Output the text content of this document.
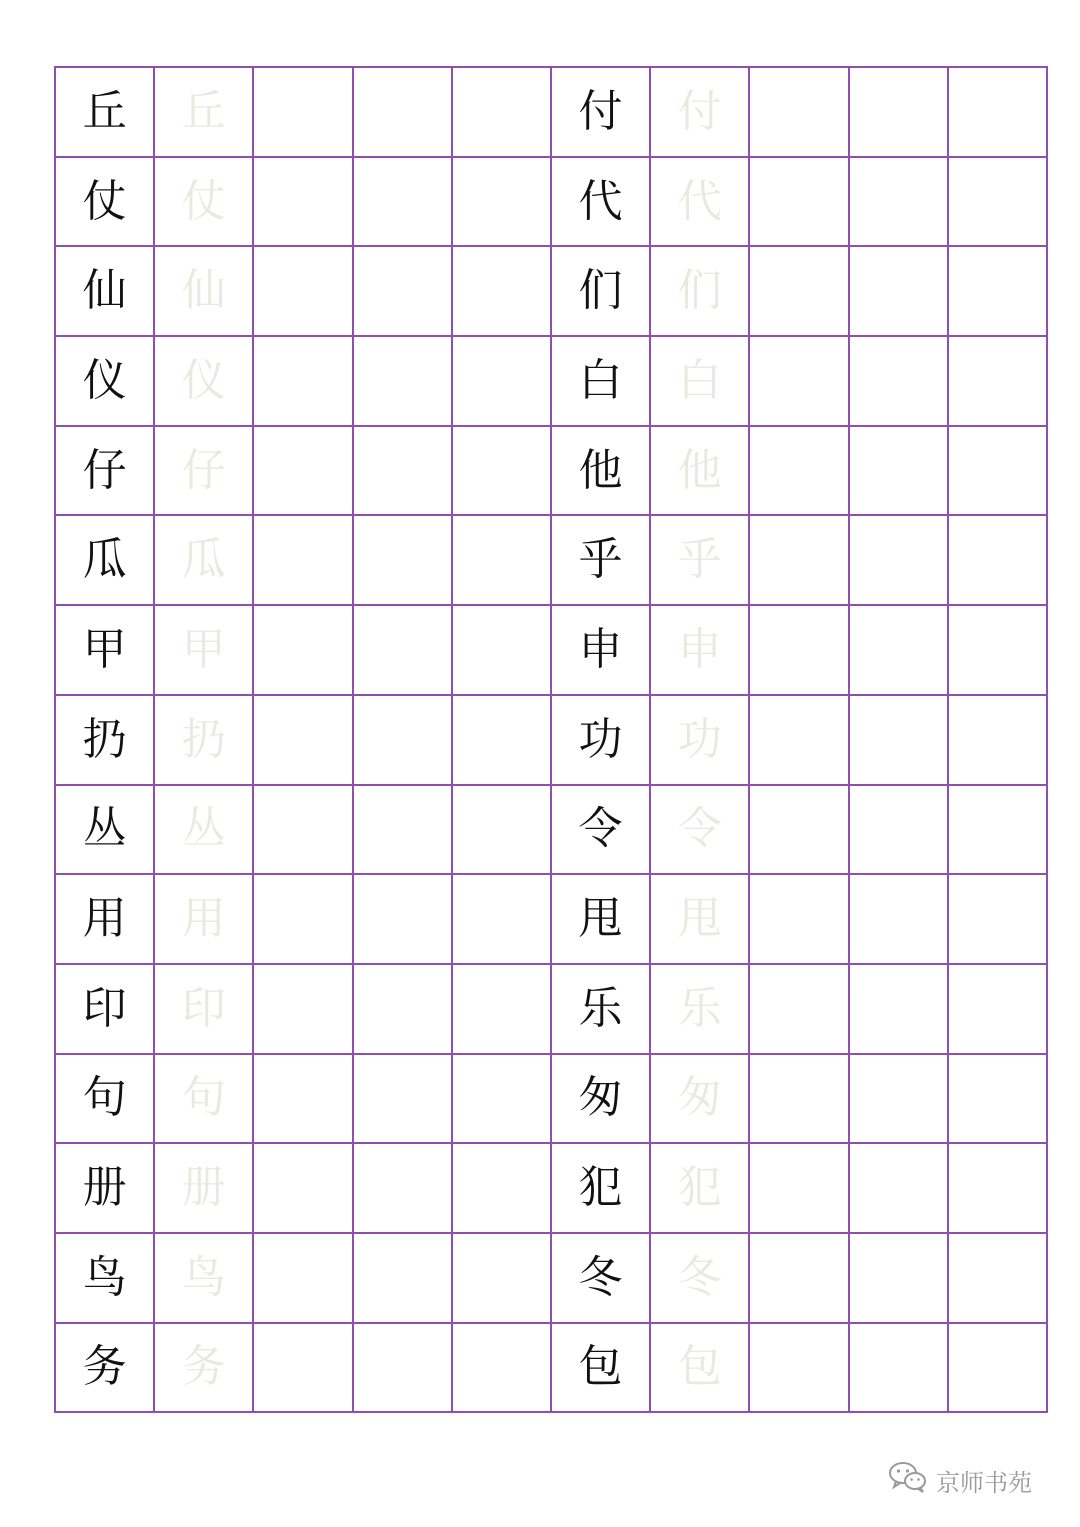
丘	丘				付	付			
仗	仗				代	代			
仙	仙				们	们			
仪	仪				白	白			
仔	仔				他	他			
瓜	瓜				乎	乎			
甲	甲				申	申			
扔	扔				功	功			
丛	丛				令	令			
用	用				甩	甩			
印	印				乐	乐			
句	句				匆	匆			
册	册				犯	犯			
鸟	鸟				冬	冬			
务	务				包	包			
京师书苑
